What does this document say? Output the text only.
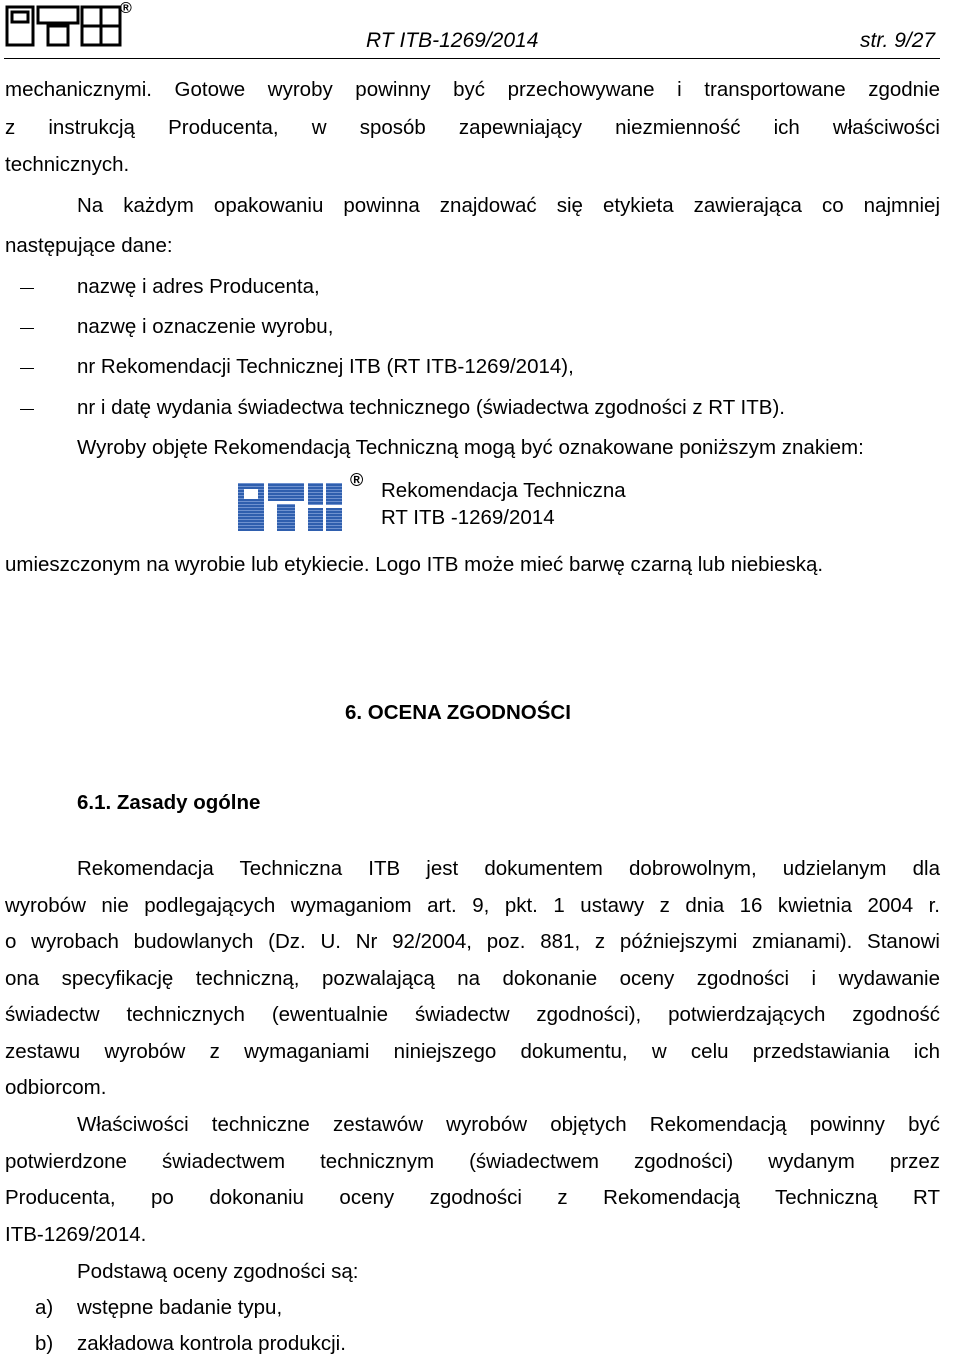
®
RT ITB-1269/2014	str. 9/27
mechanicznymi. Gotowe wyroby powinny być przechowywane i transportowane zgodnie
z instrukcją Producenta, w sposób zapewniający niezmienność ich właściwości
technicznych.
Na każdym opakowaniu powinna znajdować się etykieta zawierająca co najmniej
następujące dane:
nazwę i adres Producenta,
nazwę i oznaczenie wyrobu,
nr Rekomendacji Technicznej ITB (RT ITB-1269/2014),
nr i datę wydania świadectwa technicznego (świadectwa zgodności z RT ITB).
Wyroby objęte Rekomendacją Techniczną mogą być oznakowane poniższym znakiem:
® Rekomendacja Techniczna
RT ITB -1269/2014
umieszczonym na wyrobie lub etykiecie. Logo ITB może mieć barwę czarną lub niebieską.
6. OCENA ZGODNOŚCI
6.1. Zasady ogólne
Rekomendacja Techniczna ITB jest dokumentem dobrowolnym, udzielanym dla
wyrobów nie podlegających wymaganiom art. 9, pkt. 1 ustawy z dnia 16 kwietnia 2004 r.
o wyrobach budowlanych (Dz. U. Nr 92/2004, poz. 881, z późniejszymi zmianami). Stanowi
ona specyfikację techniczną, pozwalającą na dokonanie oceny zgodności i wydawanie
świadectw technicznych (ewentualnie świadectw zgodności), potwierdzających zgodność
zestawu wyrobów z wymaganiami niniejszego dokumentu, w celu przedstawiania ich
odbiorcom.
Właściwości techniczne zestawów wyrobów objętych Rekomendacją powinny być
potwierdzone świadectwem technicznym (świadectwem zgodności) wydanym przez
Producenta, po dokonaniu oceny zgodności z Rekomendacją Techniczną RT
ITB-1269/2014.
Podstawą oceny zgodności są:
a) wstępne badanie typu,
b) zakładowa kontrola produkcji.
